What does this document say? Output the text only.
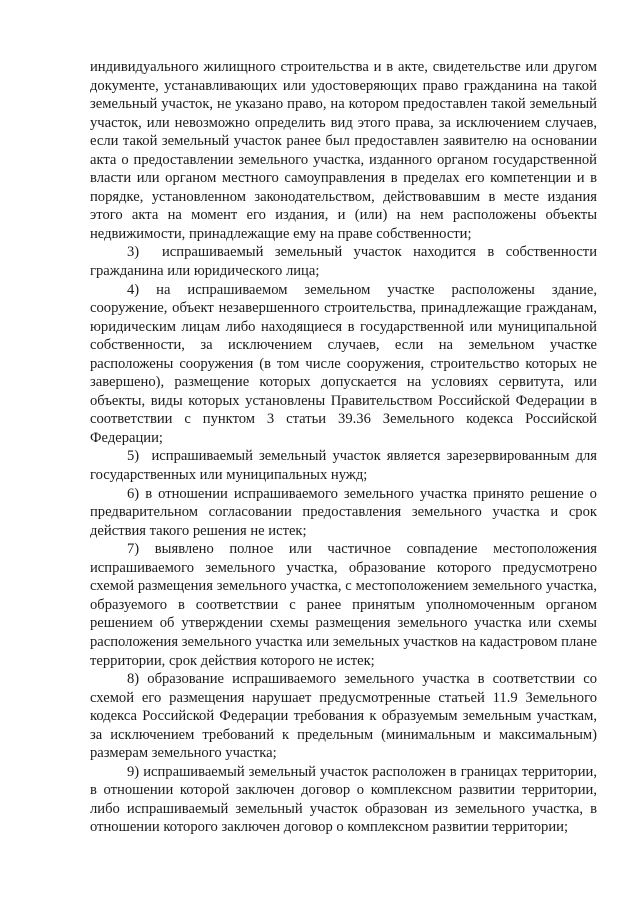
индивидуального жилищного строительства и в акте, свидетельстве или другом документе, устанавливающих или удостоверяющих право гражданина на такой земельный участок, не указано право, на котором предоставлен такой земельный участок, или невозможно определить вид этого права, за исключением случаев, если такой земельный участок ранее был предоставлен заявителю на основании акта о предоставлении земельного участка, изданного органом государственной власти или органом местного самоуправления в пределах его компетенции и в порядке, установленном законодательством, действовавшим в месте издания этого акта на момент его издания, и (или) на нем расположены объекты недвижимости, принадлежащие ему на праве собственности;

3) испрашиваемый земельный участок находится в собственности гражданина или юридического лица;

4) на испрашиваемом земельном участке расположены здание, сооружение, объект незавершенного строительства, принадлежащие гражданам, юридическим лицам либо находящиеся в государственной или муниципальной собственности, за исключением случаев, если на земельном участке расположены сооружения (в том числе сооружения, строительство которых не завершено), размещение которых допускается на условиях сервитута, или объекты, виды которых установлены Правительством Российской Федерации в соответствии с пунктом 3 статьи 39.36 Земельного кодекса Российской Федерации;

5) испрашиваемый земельный участок является зарезервированным для государственных или муниципальных нужд;

6) в отношении испрашиваемого земельного участка принято решение о предварительном согласовании предоставления земельного участка и срок действия такого решения не истек;

7) выявлено полное или частичное совпадение местоположения испрашиваемого земельного участка, образование которого предусмотрено схемой размещения земельного участка, с местоположением земельного участка, образуемого в соответствии с ранее принятым уполномоченным органом решением об утверждении схемы размещения земельного участка или схемы расположения земельного участка или земельных участков на кадастровом плане территории, срок действия которого не истек;

8) образование испрашиваемого земельного участка в соответствии со схемой его размещения нарушает предусмотренные статьей 11.9 Земельного кодекса Российской Федерации требования к образуемым земельным участкам, за исключением требований к предельным (минимальным и максимальным) размерам земельного участка;

9) испрашиваемый земельный участок расположен в границах территории, в отношении которой заключен договор о комплексном развитии территории, либо испрашиваемый земельный участок образован из земельного участка, в отношении которого заключен договор о комплексном развитии территории;
